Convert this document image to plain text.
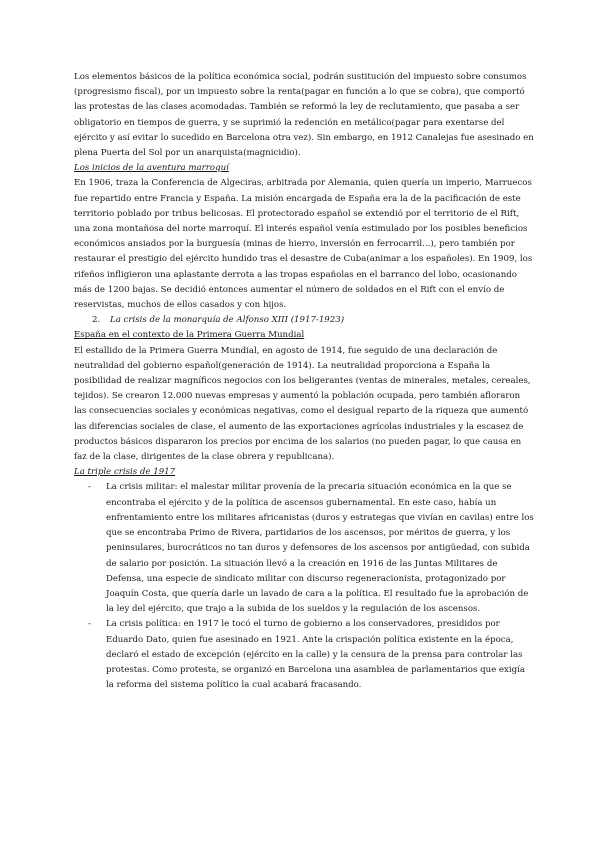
Los elementos básicos de la política económica social, podrán sustitución del impuesto sobre consumos (progresismo fiscal), por un impuesto sobre la renta(pagar en función a lo que se cobra), que comportó las protestas de las clases acomodadas. También se reformó la ley de reclutamiento, que pasaba a ser obligatorio en tiempos de guerra, y se suprimió la redención en metálico(pagar para exentarse del ejército y así evitar lo sucedido en Barcelona otra vez). Sin embargo, en 1912 Canalejas fue asesinado en plena Puerta del Sol por un anarquista(magnicidio).

Los inicios de la aventura marroquí

En 1906, traza la Conferencia de Algeciras, arbitrada por Alemania, quien quería un imperio, Marruecos fue repartido entre Francia y España. La misión encargada de España era la de la pacificación de este territorio poblado por tribus belicosas. El protectorado español se extendió por el territorio de el Rift, una zona montañosa del norte marroquí. El interés español venía estimulado por los posibles beneficios económicos ansiados por la burguesía (minas de hierro, inversión en ferrocarril...), pero también por restaurar el prestigio del ejército hundido tras el desastre de Cuba(animar a los españoles). En 1909, los rifeños infligieron una aplastante derrota a las tropas españolas en el barranco del lobo, ocasionando más de 1200 bajas. Se decidió entonces aumentar el número de soldados en el Rift con el envío de reservistas, muchos de ellos casados y con hijos.

2. La crisis de la monarquía de Alfonso XIII (1917-1923)

España en el contexto de la Primera Guerra Mundial

El estallido de la Primera Guerra Mundial, en agosto de 1914, fue seguido de una declaración de neutralidad del gobierno español(generación de 1914). La neutralidad proporciona a España la posibilidad de realizar magníficos negocios con los beligerantes (ventas de minerales, metales, cereales, tejidos). Se crearon 12.000 nuevas empresas y aumentó la población ocupada, pero también afloraron las consecuencias sociales y económicas negativas, como el desigual reparto de la riqueza que aumentó las diferencias sociales de clase, el aumento de las exportaciones agrícolas industriales y la escasez de productos básicos dispararon los precios por encima de los salarios (no pueden pagar, lo que causa en faz de la clase, dirigentes de la clase obrera y republicana).

La triple crisis de 1917

- La crisis militar: el malestar militar provenía de la precaria situación económica en la que se encontraba el ejército y de la política de ascensos gubernamental. En este caso, había un enfrentamiento entre los militares africanistas (duros y estrategas que vivían en cavilas) entre los que se encontraba Primo de Rivera, partidarios de los ascensos, por méritos de guerra, y los peninsulares, burocráticos no tan duros y defensores de los ascensos por antigüedad, con subida de salario por posición. La situación llevó a la creación en 1916 de las Juntas Militares de Defensa, una especie de sindicato militar con discurso regeneracionista, protagonizado por Joaquín Costa, que quería darle un lavado de cara a la política. El resultado fue la aprobación de la ley del ejército, que trajo a la subida de los sueldos y la regulación de los ascensos.
- La crisis política: en 1917 le tocó el turno de gobierno a los conservadores, presididos por Eduardo Dato, quien fue asesinado en 1921. Ante la crispación política existente en la época, declaró el estado de excepción (ejército en la calle) y la censura de la prensa para controlar las protestas. Como protesta, se organizó en Barcelona una asamblea de parlamentarios que exigía la reforma del sistema político la cual acabará fracasando.
